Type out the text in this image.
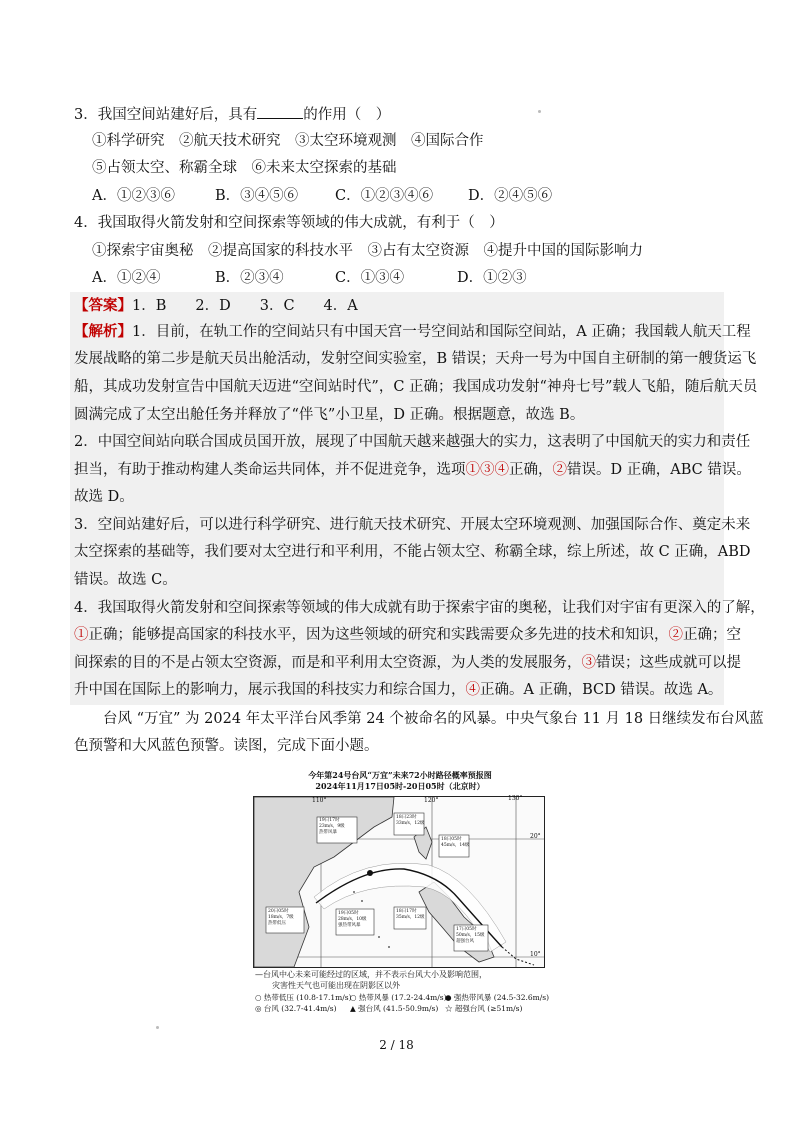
3．我国空间站建好后，具有	的作用（　）
①科学研究　②航天技术研究　③太空环境观测　④国际合作
⑤占领太空、称霸全球　⑥未来太空探索的基础
A．①②③⑥	B．③④⑤⑥	C．①②③④⑥ D．②④⑤⑥
4．我国取得火箭发射和空间探索等领域的伟大成就，有利于（　）
①探索宇宙奥秘　②提高国家的科技水平　③占有太空资源　④提升中国的国际影响力
A．①②④	B．②③④	C．①③④	D．①②③
【答案】1．B　　2．D　　3．C　　4．A
【解析】1．目前，在轨工作的空间站只有中国天宫一号空间站和国际空间站，A 正确；我国载人航天工程
发展战略的第二步是航天员出舱活动，发射空间实验室，B 错误；天舟一号为中国自主研制的第一艘货运飞
船，其成功发射宣告中国航天迈进“空间站时代”，C 正确；我国成功发射“神舟七号”载人飞船，随后航天员
圆满完成了太空出舱任务并释放了“伴飞”小卫星，D 正确。根据题意，故选 B。
2．中国空间站向联合国成员国开放，展现了中国航天越来越强大的实力，这表明了中国航天的实力和责任
担当，有助于推动构建人类命运共同体，并不促进竞争，选项①③④正确，②错误。D 正确，ABC 错误。
故选 D。
3．空间站建好后，可以进行科学研究、进行航天技术研究、开展太空环境观测、加强国际合作、奠定未来
太空探索的基础等，我们要对太空进行和平利用，不能占领太空、称霸全球，综上所述，故 C 正确，ABD
错误。故选 C。
4．我国取得火箭发射和空间探索等领域的伟大成就有助于探索宇宙的奥秘，让我们对宇宙有更深入的了解，
①正确；能够提高国家的科技水平，因为这些领域的研究和实践需要众多先进的技术和知识，②正确；空
间探索的目的不是占领太空资源，而是和平利用太空资源，为人类的发展服务，③错误；这些成就可以提
升中国在国际上的影响力，展示我国的科技实力和综合国力，④正确。A 正确，BCD 错误。故选 A。
　　台风 “万宜” 为 2024 年太平洋台风季第 24 个被命名的风暴。中央气象台 11 月 18 日继续发布台风蓝
色预警和大风蓝色预警。读图，完成下面小题。
今年第24号台风“万宜”未来72小时路径概率预报图
2024年11月17日05时-20日05时（北京时）
110°	120°	130°
20°
10°
19日17时
23m/s，9级
热带风暴
18日23时
33m/s，12级
18日05时
45m/s，14级
20日05时
18m/s，7级
热带低压
19日05时
28m/s，10级
强热带风暴
18日17时
35m/s，12级
17日05时
50m/s，15级
超强台风
—台风中心未来可能经过的区域，并不表示台风大小及影响范围，
灾害性天气也可能出现在阴影区以外
○ 热带低压 (10.8-17.1m/s)
○ 热带风暴 (17.2-24.4m/s)
● 强热带风暴 (24.5-32.6m/s)
◎ 台风 (32.7-41.4m/s) ▲ 强台风 (41.5-50.9m/s) ☆ 超强台风 (≥51m/s)
2 / 18
